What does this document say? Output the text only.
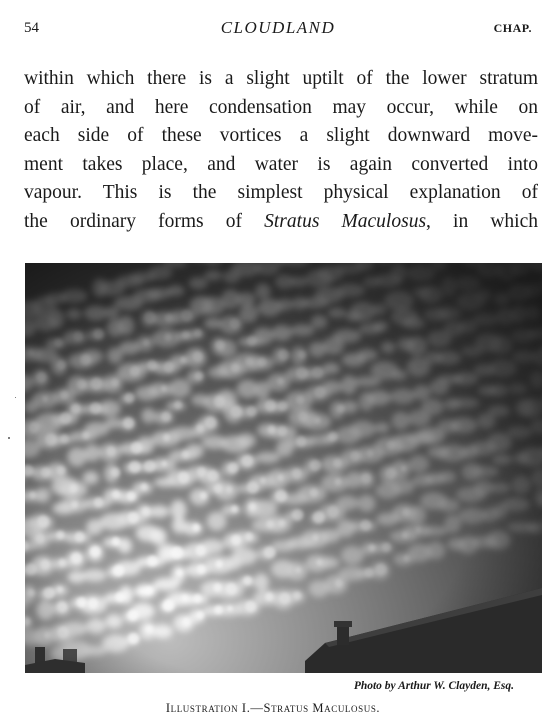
54	CLOUDLAND	CHAP.

within which there is a slight uptilt of the lower stratum
of air, and here condensation may occur, while on
each side of these vortices a slight downward move-
ment takes place, and water is again converted into
vapour. This is the simplest physical explanation of
the ordinary forms of Stratus Maculosus, in which

Photo by Arthur W. Clayden, Esq.
Illustration I.—Stratus Maculosus.
